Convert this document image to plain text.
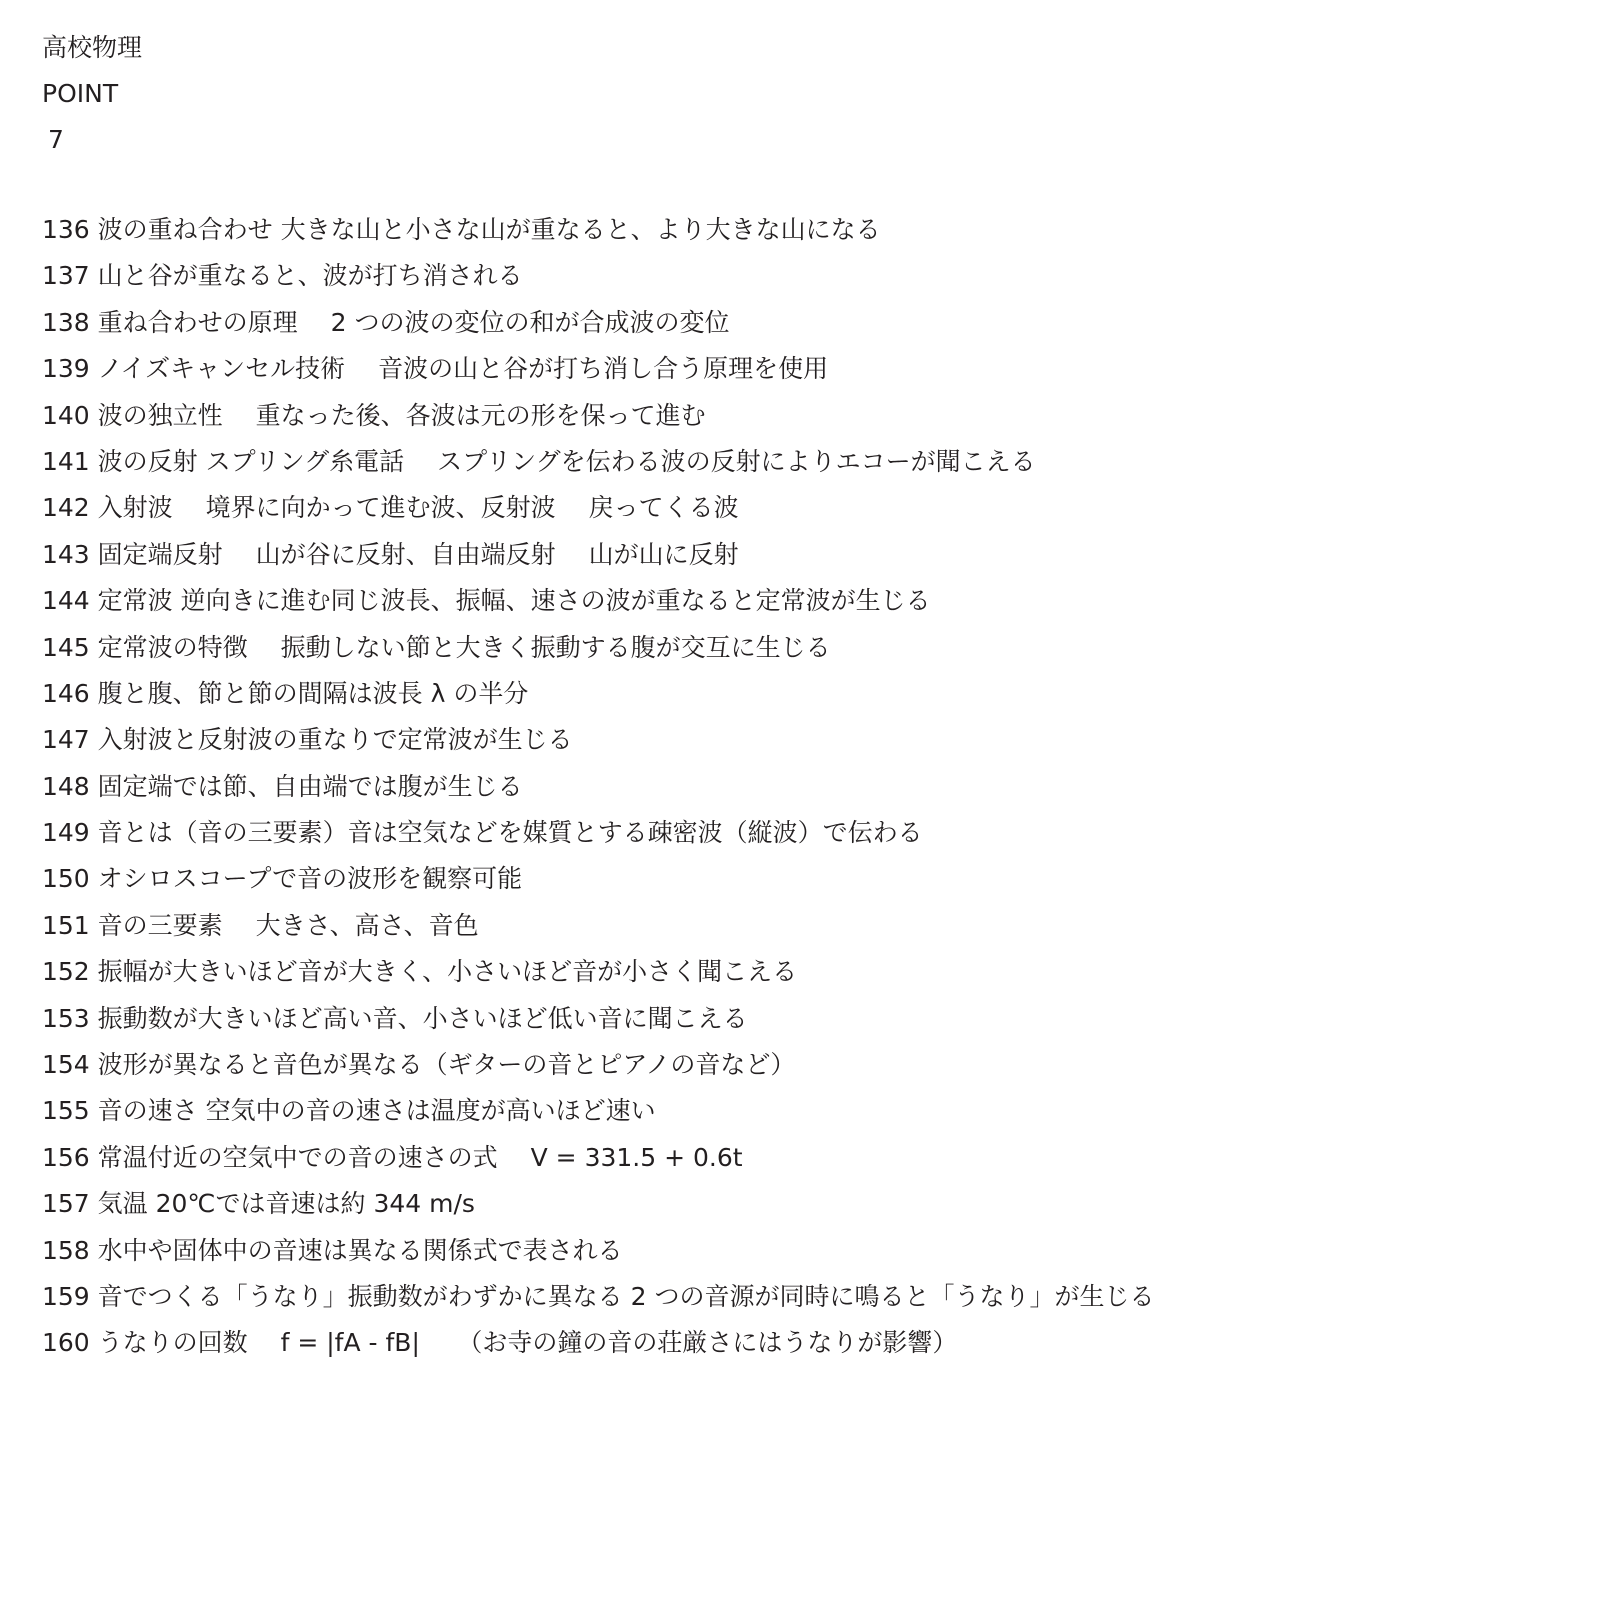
高校物理
POINT
7
136 波の重ね合わせ 大きな山と小さな山が重なると、より大きな山になる
137 山と谷が重なると、波が打ち消される
138 重ね合わせの原理　 2 つの波の変位の和が合成波の変位
139 ノイズキャンセル技術　 音波の山と谷が打ち消し合う原理を使用
140 波の独立性　 重なった後、各波は元の形を保って進む
141 波の反射 スプリング糸電話　 スプリングを伝わる波の反射によりエコーが聞こえる
142 入射波　 境界に向かって進む波、反射波　 戻ってくる波
143 固定端反射　 山が谷に反射、自由端反射　 山が山に反射
144 定常波 逆向きに進む同じ波長、振幅、速さの波が重なると定常波が生じる
145 定常波の特徴　 振動しない節と大きく振動する腹が交互に生じる
146 腹と腹、節と節の間隔は波長 λ の半分
147 入射波と反射波の重なりで定常波が生じる
148 固定端では節、自由端では腹が生じる
149 音とは（音の三要素）音は空気などを媒質とする疎密波（縦波）で伝わる
150 オシロスコープで音の波形を観察可能
151 音の三要素　 大きさ、高さ、音色
152 振幅が大きいほど音が大きく、小さいほど音が小さく聞こえる
153 振動数が大きいほど高い音、小さいほど低い音に聞こえる
154 波形が異なると音色が異なる（ギターの音とピアノの音など）
155 音の速さ 空気中の音の速さは温度が高いほど速い
156 常温付近の空気中での音の速さの式　 V = 331.5 + 0.6t
157 気温 20℃では音速は約 344 m/s
158 水中や固体中の音速は異なる関係式で表される
159 音でつくる「うなり」振動数がわずかに異なる 2 つの音源が同時に鳴ると「うなり」が生じる
160 うなりの回数　 f = |fA - fB|　　（お寺の鐘の音の荘厳さにはうなりが影響）
